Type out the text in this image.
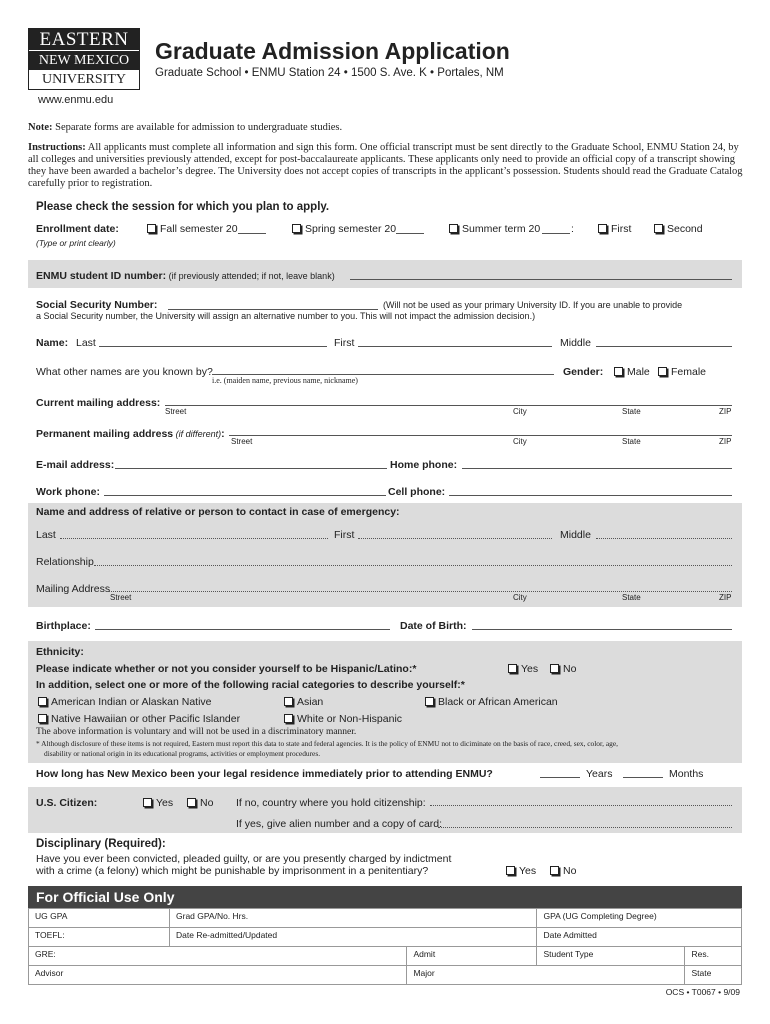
EASTERN
NEW MEXICO
UNIVERSITY
www.enmu.edu
Graduate Admission Application
Graduate School • ENMU Station 24 • 1500 S. Ave. K • Portales, NM
Note: Separate forms are available for admission to undergraduate studies.
Instructions: All applicants must complete all information and sign this form. One official transcript must be sent directly to the Graduate School, ENMU Station 24, by all colleges and universities previously attended, except for post-baccalaureate applicants. These applicants only need to provide an official copy of a transcript showing they have been awarded a bachelor’s degree. The University does not accept copies of transcripts in the applicant’s possession. Students should read the Graduate Catalog carefully prior to registration.
Please check the session for which you plan to apply.
Enrollment date:
(Type or print clearly)
Fall semester 20	Spring semester 20	Summer term 20	:	First	Second
ENMU student ID number: (if previously attended; if not, leave blank)
Social Security Number:	(Will not be used as your primary University ID. If you are unable to provide
a Social Security number, the University will assign an alternative number to you. This will not impact the admission decision.)
Name: Last	First	Middle
What other names are you known by?
i.e. (maiden name, previous name, nickname)
Gender:	Male	Female
Current mailing address:
Street	City	State	ZIP
Permanent mailing address (if different):
Street	City	State	ZIP
E-mail address:	Home phone:
Work phone:	Cell phone:
Name and address of relative or person to contact in case of emergency:
Last	First	Middle
Relationship
Mailing Address
Street	City	State	ZIP
Birthplace:	Date of Birth:
Ethnicity:
Please indicate whether or not you consider yourself to be Hispanic/Latino:*	Yes	No
In addition, select one or more of the following racial categories to describe yourself:*
American Indian or Alaskan Native	Asian	Black or African American
Native Hawaiian or other Pacific Islander	White or Non-Hispanic
The above information is voluntary and will not be used in a discriminatory manner.
* Although disclosure of these items is not required, Eastern must report this data to state and federal agencies. It is the policy of ENMU not to diciminate on the basis of race, creed, sex, color, age,
disability or national origin in its educational programs, activities or employment procedures.
How long has New Mexico been your legal residence immediately prior to attending ENMU?	Years	Months
U.S. Citizen:	Yes	No If no, country where you hold citizenship:
If yes, give alien number and a copy of card:
Disciplinary (Required):
Have you ever been convicted, pleaded guilty, or are you presently charged by indictment
with a crime (a felony) which might be punishable by imprisonment in a penitentiary?	Yes	No
For Official Use Only
UG GPA	Grad GPA/No. Hrs.		GPA (UG Completing Degree)	
TOEFL:	Date Re-admitted/Updated		Date Admitted	
GRE:		Admit	Student Type	Res.
Advisor		Major		State
OCS • T0067 • 9/09
